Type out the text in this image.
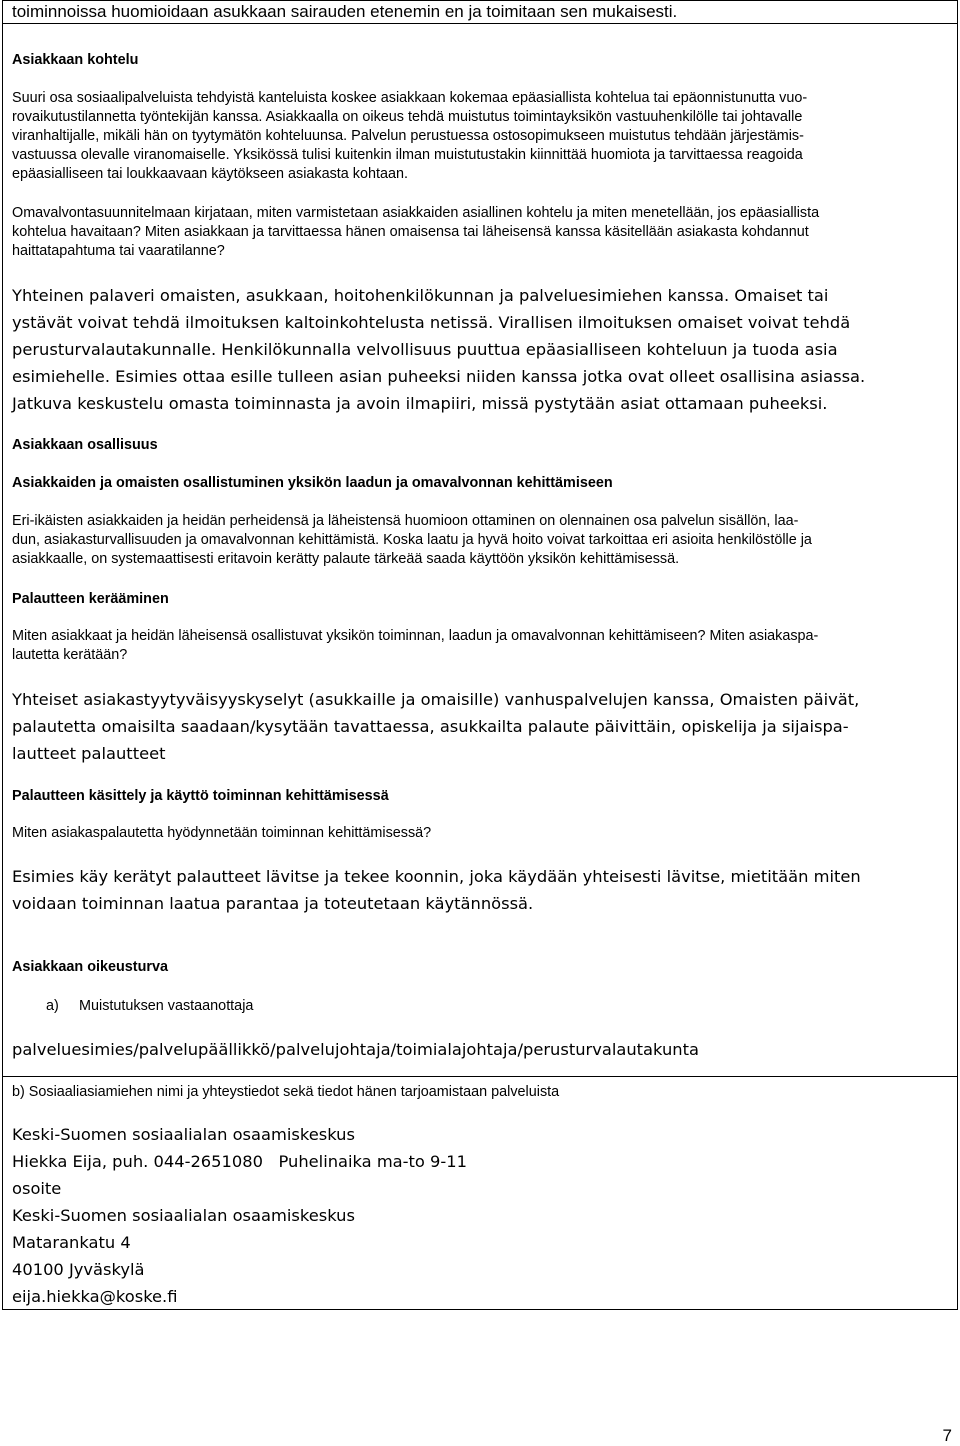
toiminnoissa huomioidaan asukkaan sairauden etenemin en ja toimitaan sen mukaisesti.

Asiakkaan kohtelu

Suuri osa sosiaalipalveluista tehdyistä kanteluista koskee asiakkaan kokemaa epäasiallista kohtelua tai epäonnistunutta vuo-

rovaikutustilannetta työntekijän kanssa. Asiakkaalla on oikeus tehdä muistutus toimintayksikön vastuuhenkilölle tai johtavalle

viranhaltijalle, mikäli hän on tyytymätön kohteluunsa. Palvelun perustuessa ostosopimukseen muistutus tehdään järjestämis-

vastuussa olevalle viranomaiselle. Yksikössä tulisi kuitenkin ilman muistutustakin kiinnittää huomiota ja tarvittaessa reagoida

epäasialliseen tai loukkaavaan käytökseen asiakasta kohtaan.

Omavalvontasuunnitelmaan kirjataan, miten varmistetaan asiakkaiden asiallinen kohtelu ja miten menetellään, jos epäasiallista

kohtelua havaitaan? Miten asiakkaan ja tarvittaessa hänen omaisensa tai läheisensä kanssa käsitellään asiakasta kohdannut

haittatapahtuma tai vaaratilanne?

Yhteinen palaveri omaisten, asukkaan, hoitohenkilökunnan ja palveluesimiehen kanssa. Omaiset tai

ystävät voivat tehdä ilmoituksen kaltoinkohtelusta netissä. Virallisen ilmoituksen omaiset voivat tehdä

perusturvalautakunnalle. Henkilökunnalla velvollisuus puuttua epäasialliseen kohteluun ja tuoda asia

esimiehelle. Esimies ottaa esille tulleen asian puheeksi niiden kanssa jotka ovat olleet osallisina asiassa.

Jatkuva keskustelu omasta toiminnasta ja avoin ilmapiiri, missä pystytään asiat ottamaan puheeksi.

Asiakkaan osallisuus

Asiakkaiden ja omaisten osallistuminen yksikön laadun ja omavalvonnan kehittämiseen

Eri-ikäisten asiakkaiden ja heidän perheidensä ja läheistensä huomioon ottaminen on olennainen osa palvelun sisällön, laa-

dun, asiakasturvallisuuden ja omavalvonnan kehittämistä. Koska laatu ja hyvä hoito voivat tarkoittaa eri asioita henkilöstölle ja

asiakkaalle, on systemaattisesti eritavoin kerätty palaute tärkeää saada käyttöön yksikön kehittämisessä.

Palautteen kerääminen

Miten asiakkaat ja heidän läheisensä osallistuvat yksikön toiminnan, laadun ja omavalvonnan kehittämiseen? Miten asiakaspa-

lautetta kerätään?

Yhteiset asiakastyytyväisyyskyselyt (asukkaille ja omaisille) vanhuspalvelujen kanssa, Omaisten päivät,

palautetta omaisilta saadaan/kysytään tavattaessa, asukkailta palaute päivittäin, opiskelija ja sijaispa-

lautteet palautteet

Palautteen käsittely ja käyttö toiminnan kehittämisessä

Miten asiakaspalautetta hyödynnetään toiminnan kehittämisessä?

Esimies käy kerätyt palautteet lävitse ja tekee koonnin, joka käydään yhteisesti lävitse, mietitään miten

voidaan toiminnan laatua parantaa ja toteutetaan käytännössä.

Asiakkaan oikeusturva

a) Muistutuksen vastaanottaja

palveluesimies/palvelupäällikkö/palvelujohtaja/toimialajohtaja/perusturvalautakunta

b) Sosiaaliasiamiehen nimi ja yhteystiedot sekä tiedot hänen tarjoamistaan palveluista

Keski-Suomen sosiaalialan osaamiskeskus

Hiekka Eija, puh. 044-2651080   Puhelinaika ma-to 9-11

osoite

Keski-Suomen sosiaalialan osaamiskeskus

Matarankatu 4

40100 Jyväskylä

eija.hiekka@koske.fi

7
